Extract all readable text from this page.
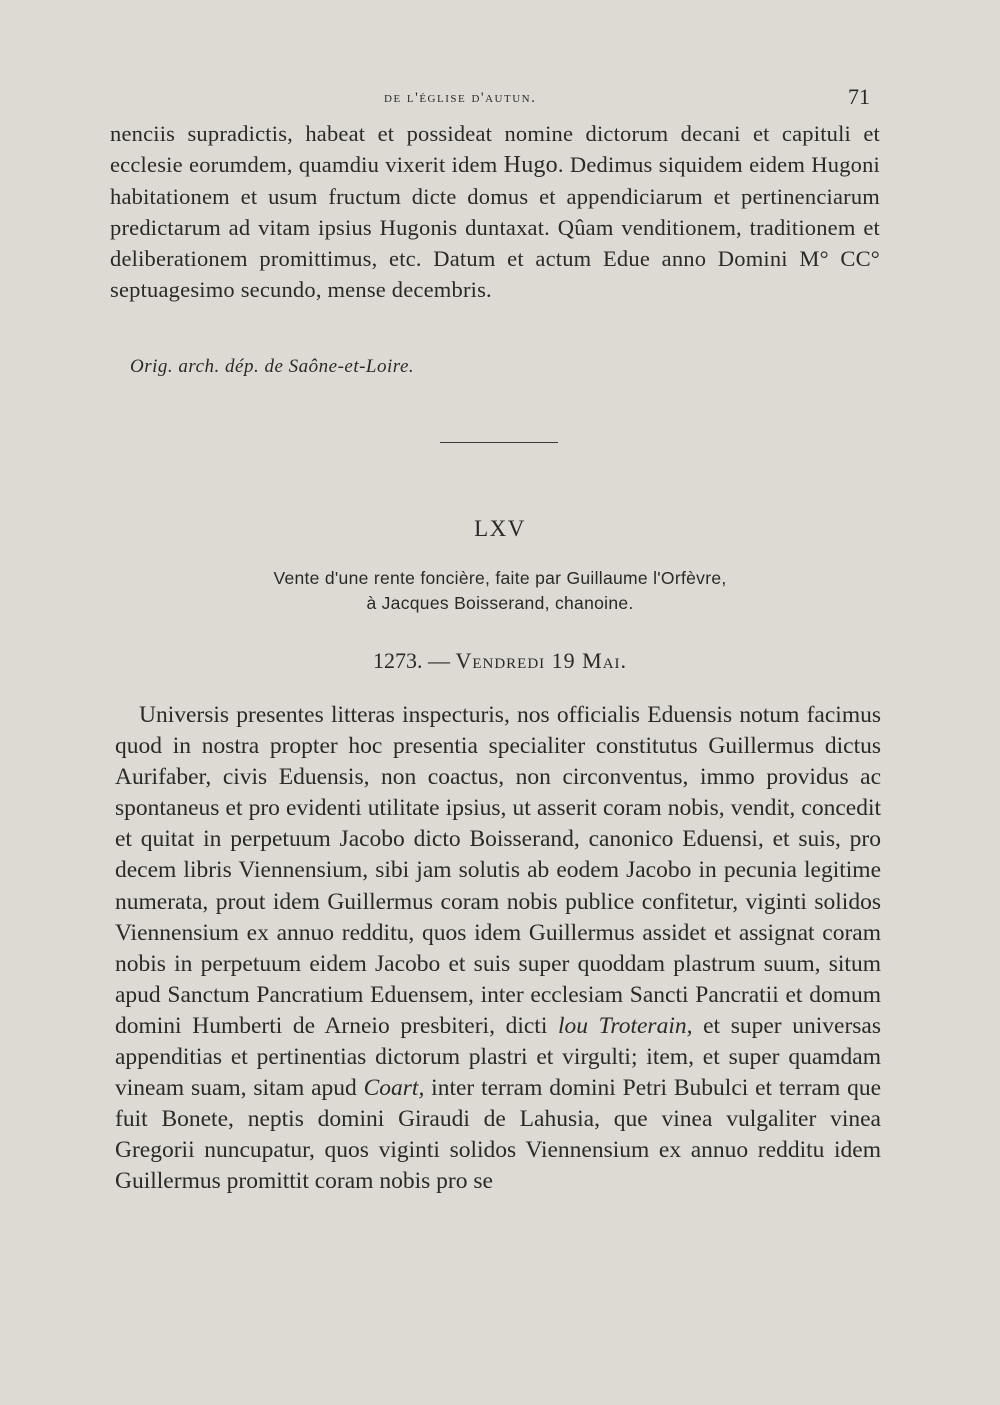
de l'église d'autun.	71

nenciis supradictis, habeat et possideat nomine dictorum decani et capituli et ecclesie eorumdem, quamdiu vixerit idem Hugo. Dedimus siquidem eidem Hugoni habitationem et usum fructum dicte domus et appendiciarum et pertinenciarum predictarum ad vitam ipsius Hugonis duntaxat. Qûam venditionem, traditionem et deliberationem promittimus, etc. Datum et actum Edue anno Domini M° CC° septuagesimo secundo, mense decembris.

Orig. arch. dép. de Saône-et-Loire.
LXV
Vente d'une rente foncière, faite par Guillaume l'Orfèvre,
à Jacques Boisserand, chanoine.
1273. — Vendredi 19 Mai.

Universis presentes litteras inspecturis, nos officialis Eduensis notum facimus quod in nostra propter hoc presentia specialiter constitutus Guillermus dictus Aurifaber, civis Eduensis, non coactus, non circonventus, immo providus ac spontaneus et pro evidenti utilitate ipsius, ut asserit coram nobis, vendit, concedit et quitat in perpetuum Jacobo dicto Boisserand, canonico Eduensi, et suis, pro decem libris Viennensium, sibi jam solutis ab eodem Jacobo in pecunia legitime numerata, prout idem Guillermus coram nobis publice confitetur, viginti solidos Viennensium ex annuo redditu, quos idem Guillermus assidet et assignat coram nobis in perpetuum eidem Jacobo et suis super quoddam plastrum suum, situm apud Sanctum Pancratium Eduensem, inter ecclesiam Sancti Pancratii et domum domini Humberti de Arneio presbiteri, dicti lou Troterain, et super universas appenditias et pertinentias dictorum plastri et virgulti; item, et super quamdam vineam suam, sitam apud Coart, inter terram domini Petri Bubulci et terram que fuit Bonete, neptis domini Giraudi de Lahusia, que vinea vulgaliter vinea Gregorii nuncupatur, quos viginti solidos Viennensium ex annuo redditu idem Guillermus promittit coram nobis pro se
